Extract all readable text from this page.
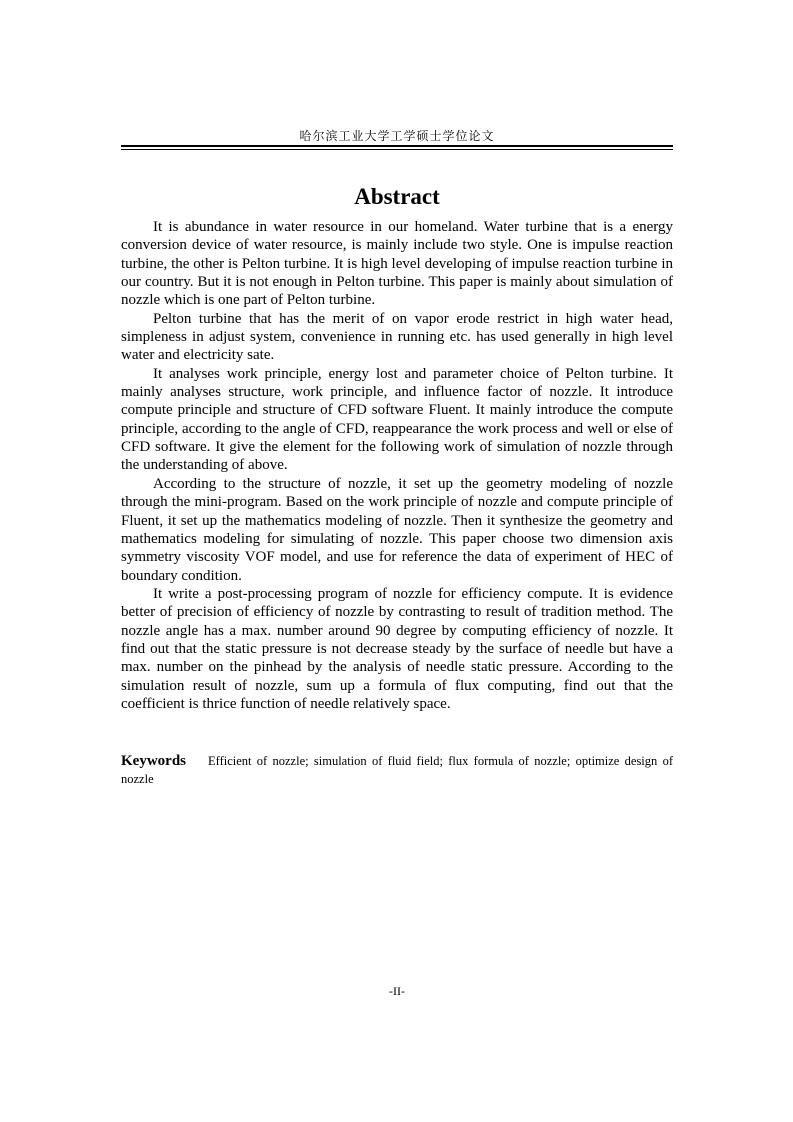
哈尔滨工业大学工学硕士学位论文
Abstract

It is abundance in water resource in our homeland. Water turbine that is a energy conversion device of water resource, is mainly include two style. One is impulse reaction turbine, the other is Pelton turbine. It is high level developing of impulse reaction turbine in our country. But it is not enough in Pelton turbine. This paper is mainly about simulation of nozzle which is one part of Pelton turbine.

Pelton turbine that has the merit of on vapor erode restrict in high water head, simpleness in adjust system, convenience in running etc. has used generally in high level water and electricity sate.

It analyses work principle, energy lost and parameter choice of Pelton turbine. It mainly analyses structure, work principle, and influence factor of nozzle. It introduce compute principle and structure of CFD software Fluent. It mainly introduce the compute principle, according to the angle of CFD, reappearance the work process and well or else of CFD software. It give the element for the following work of simulation of nozzle through the understanding of above.

According to the structure of nozzle, it set up the geometry modeling of nozzle through the mini-program. Based on the work principle of nozzle and compute principle of Fluent, it set up the mathematics modeling of nozzle. Then it synthesize the geometry and mathematics modeling for simulating of nozzle. This paper choose two dimension axis symmetry viscosity VOF model, and use for reference the data of experiment of HEC of boundary condition.

It write a post-processing program of nozzle for efficiency compute. It is evidence better of precision of efficiency of nozzle by contrasting to result of tradition method. The nozzle angle has a max. number around 90 degree by computing efficiency of nozzle. It find out that the static pressure is not decrease steady by the surface of needle but have a max. number on the pinhead by the analysis of needle static pressure. According to the simulation result of nozzle, sum up a formula of flux computing, find out that the coefficient is thrice function of needle relatively space.

Keywords Efficient of nozzle; simulation of fluid field; flux formula of nozzle; optimize design of nozzle
-II-
